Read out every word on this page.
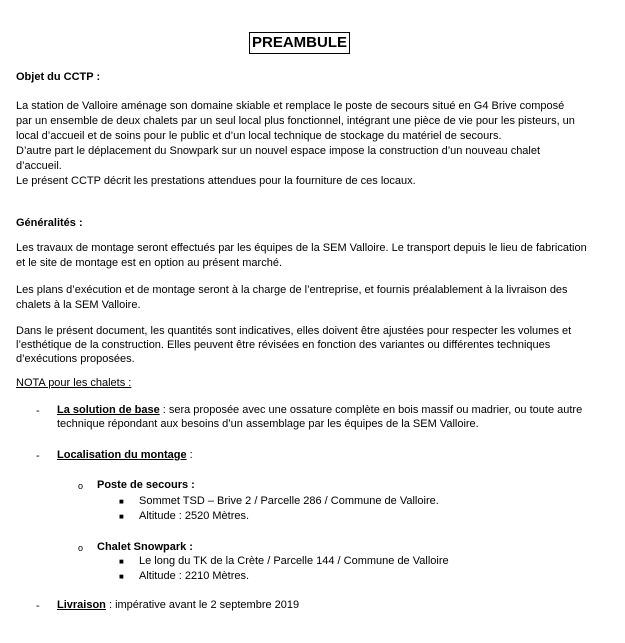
PREAMBULE
Objet du CCTP :
La station de Valloire aménage son domaine skiable et remplace le poste de secours situé en G4 Brive composé
par un ensemble de deux chalets par un seul local plus fonctionnel, intégrant une pièce de vie pour les pisteurs, un
local d’accueil et de soins pour le public et d’un local technique de stockage du matériel de secours.
D’autre part le déplacement du Snowpark sur un nouvel espace impose la construction d’un nouveau chalet
d’accueil.
Le présent CCTP décrit les prestations attendues pour la fourniture de ces locaux.
Généralités :
Les travaux de montage seront effectués par les équipes de la SEM Valloire. Le transport depuis le lieu de fabrication
et le site de montage est en option au présent marché.
Les plans d’exécution et de montage seront à la charge de l’entreprise, et fournis préalablement à la livraison des
chalets à la SEM Valloire.
Dans le présent document, les quantités sont indicatives, elles doivent être ajustées pour respecter les volumes et
l’esthétique de la construction. Elles peuvent être révisées en fonction des variantes ou différentes techniques
d’exécutions proposées.
NOTA pour les chalets :
- La solution de base : sera proposée avec une ossature complète en bois massif ou madrier, ou toute autre
technique répondant aux besoins d’un assemblage par les équipes de la SEM Valloire.
- Localisation du montage :
o Poste de secours :
■ Sommet TSD – Brive 2 / Parcelle 286 / Commune de Valloire.
■ Altitude : 2520 Mètres.
o Chalet Snowpark :
■ Le long du TK de la Crète / Parcelle 144 / Commune de Valloire
■ Altitude : 2210 Mètres.
- Livraison : impérative avant le 2 septembre 2019
